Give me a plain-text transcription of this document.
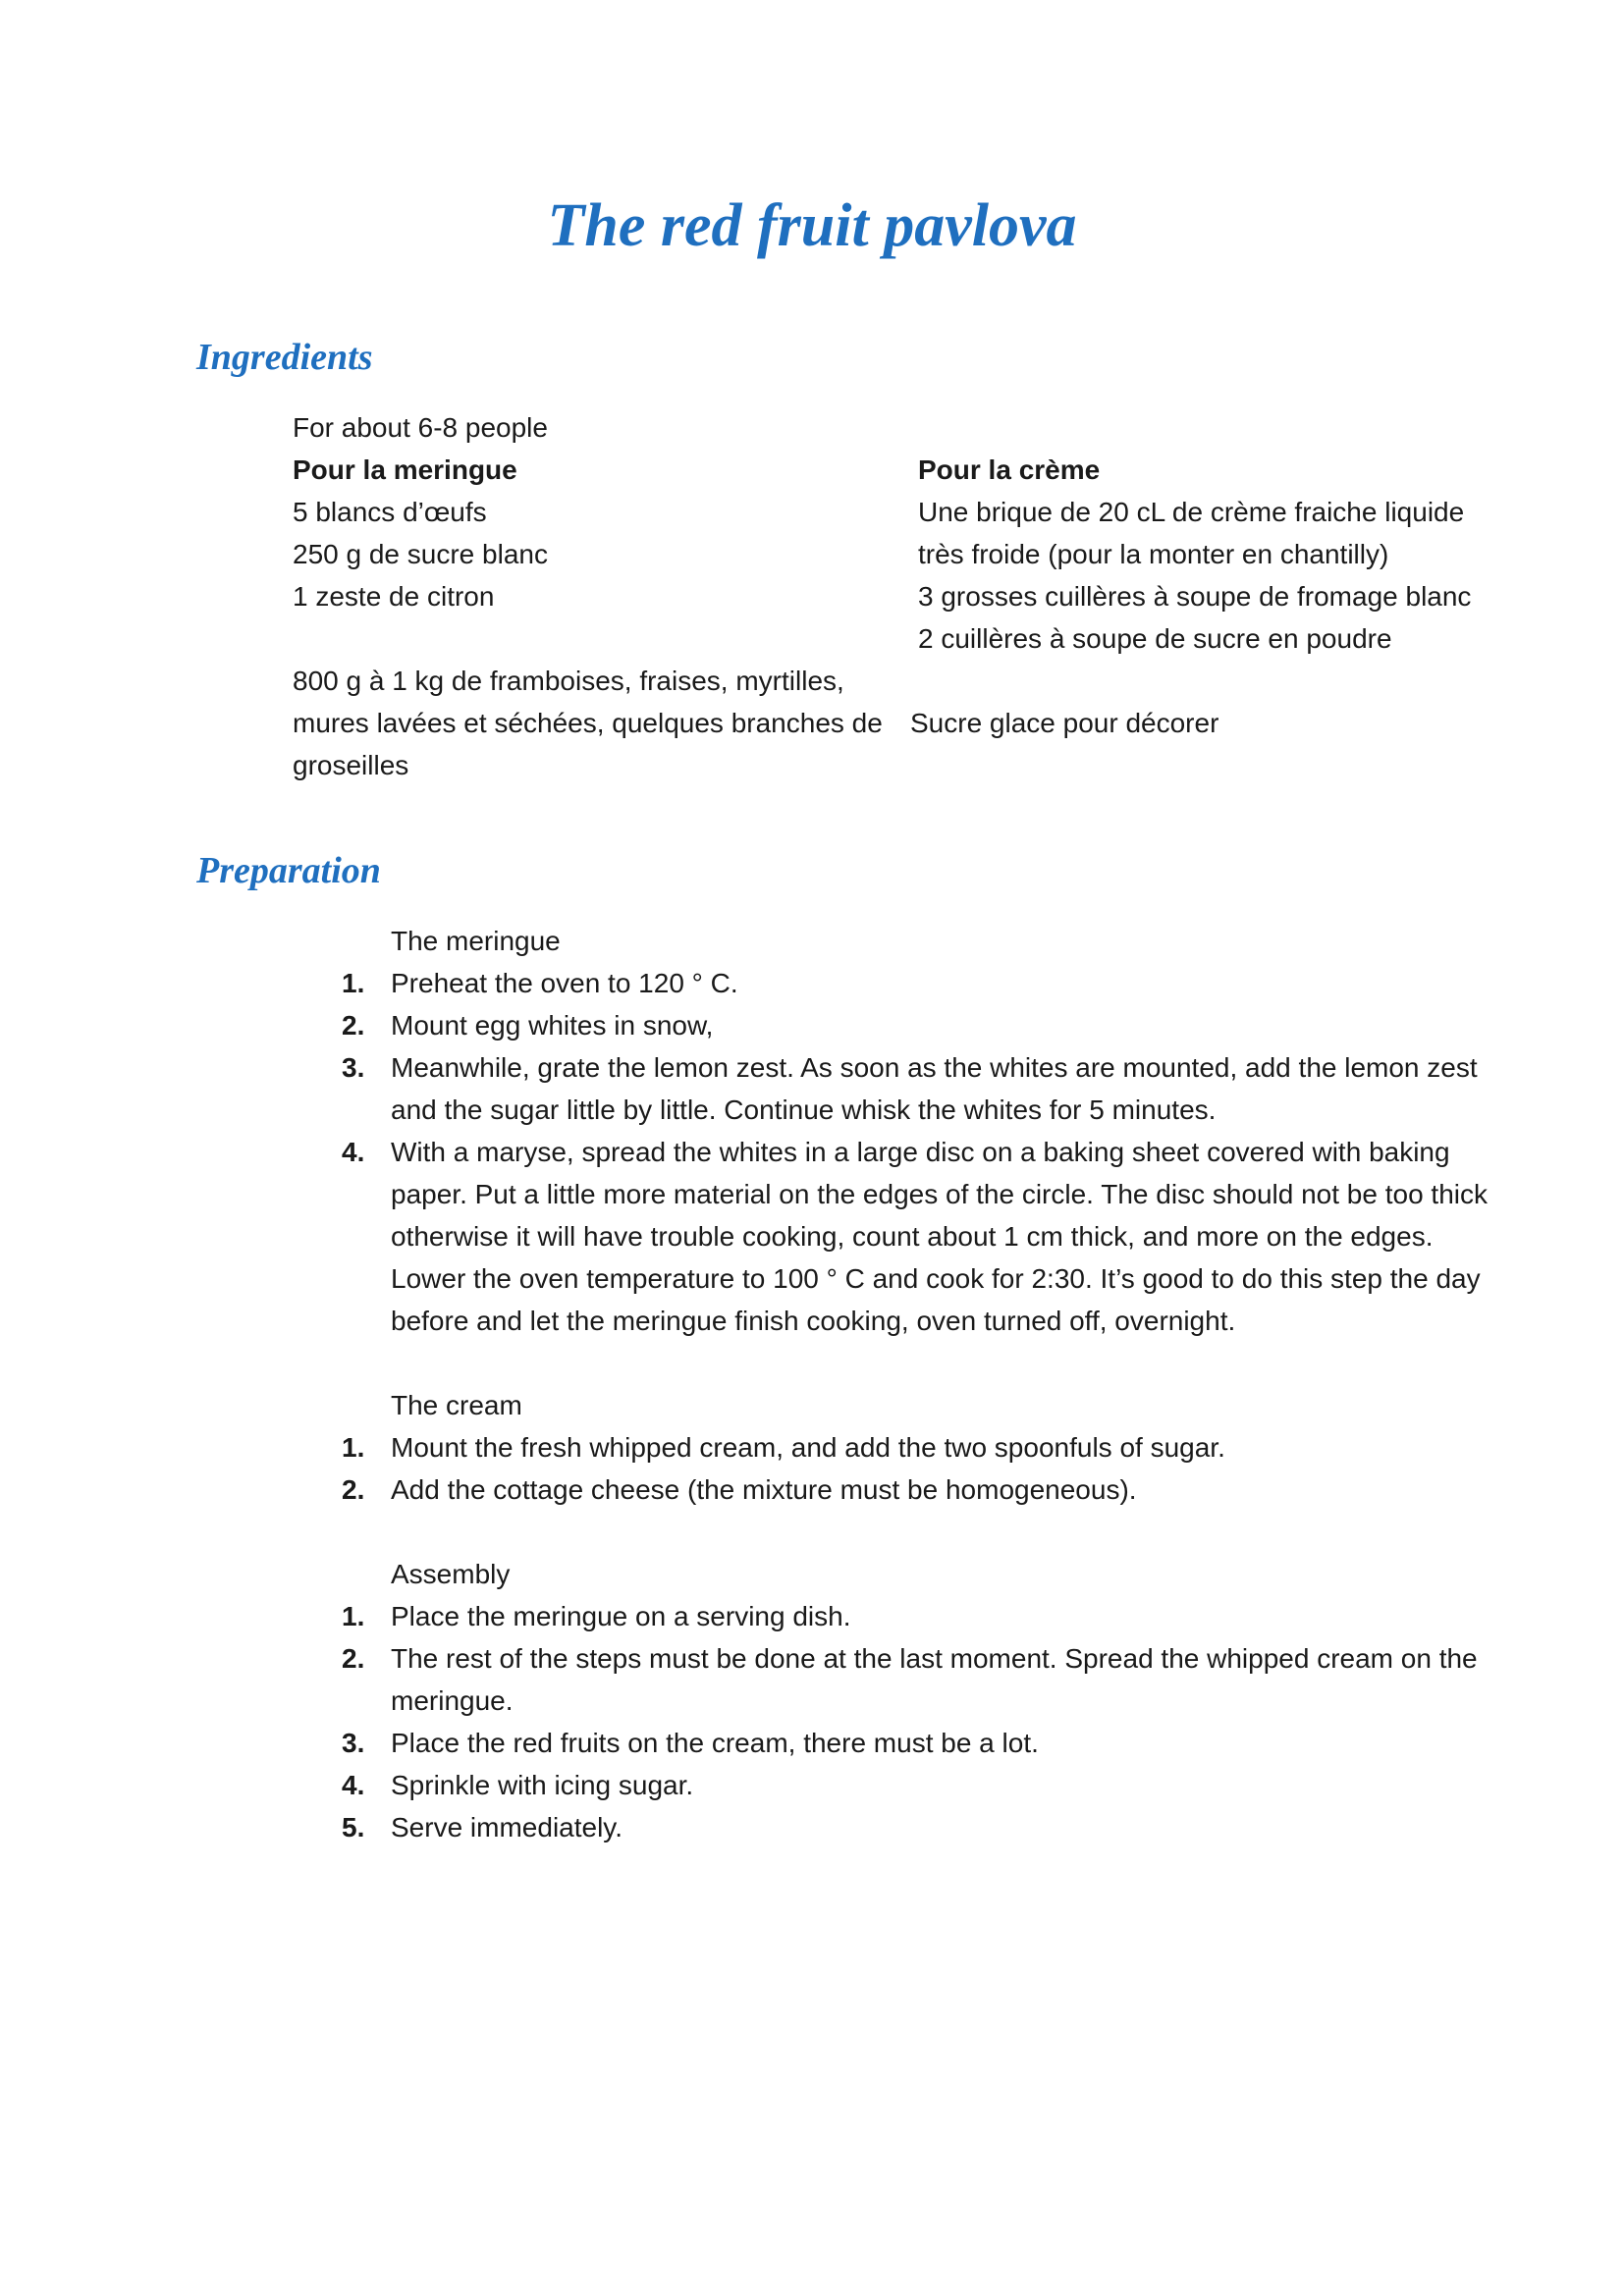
The red fruit pavlova
Ingredients
For about 6-8 people
Pour la meringue
5 blancs d’œufs
250 g de sucre blanc
1 zeste de citron
800 g à 1 kg de framboises, fraises, myrtilles,
mures lavées et séchées, quelques branches de
groseilles
Pour la crème
Une brique de 20 cL de crème fraiche liquide
très froide (pour la monter en chantilly)
3 grosses cuillères à soupe de fromage blanc
2 cuillères à soupe de sucre en poudre
Sucre glace pour décorer
Preparation
The meringue
1. Preheat the oven to 120 ° C.
2. Mount egg whites in snow,
3. Meanwhile, grate the lemon zest. As soon as the whites are mounted, add the lemon zest and the sugar little by little. Continue whisk the whites for 5 minutes.
4. With a maryse, spread the whites in a large disc on a baking sheet covered with baking paper. Put a little more material on the edges of the circle. The disc should not be too thick otherwise it will have trouble cooking, count about 1 cm thick, and more on the edges. Lower the oven temperature to 100 ° C and cook for 2:30. It’s good to do this step the day before and let the meringue finish cooking, oven turned off, overnight.
The cream
1. Mount the fresh whipped cream, and add the two spoonfuls of sugar.
2. Add the cottage cheese (the mixture must be homogeneous).
Assembly
1. Place the meringue on a serving dish.
2. The rest of the steps must be done at the last moment. Spread the whipped cream on the meringue.
3. Place the red fruits on the cream, there must be a lot.
4. Sprinkle with icing sugar.
5. Serve immediately.
